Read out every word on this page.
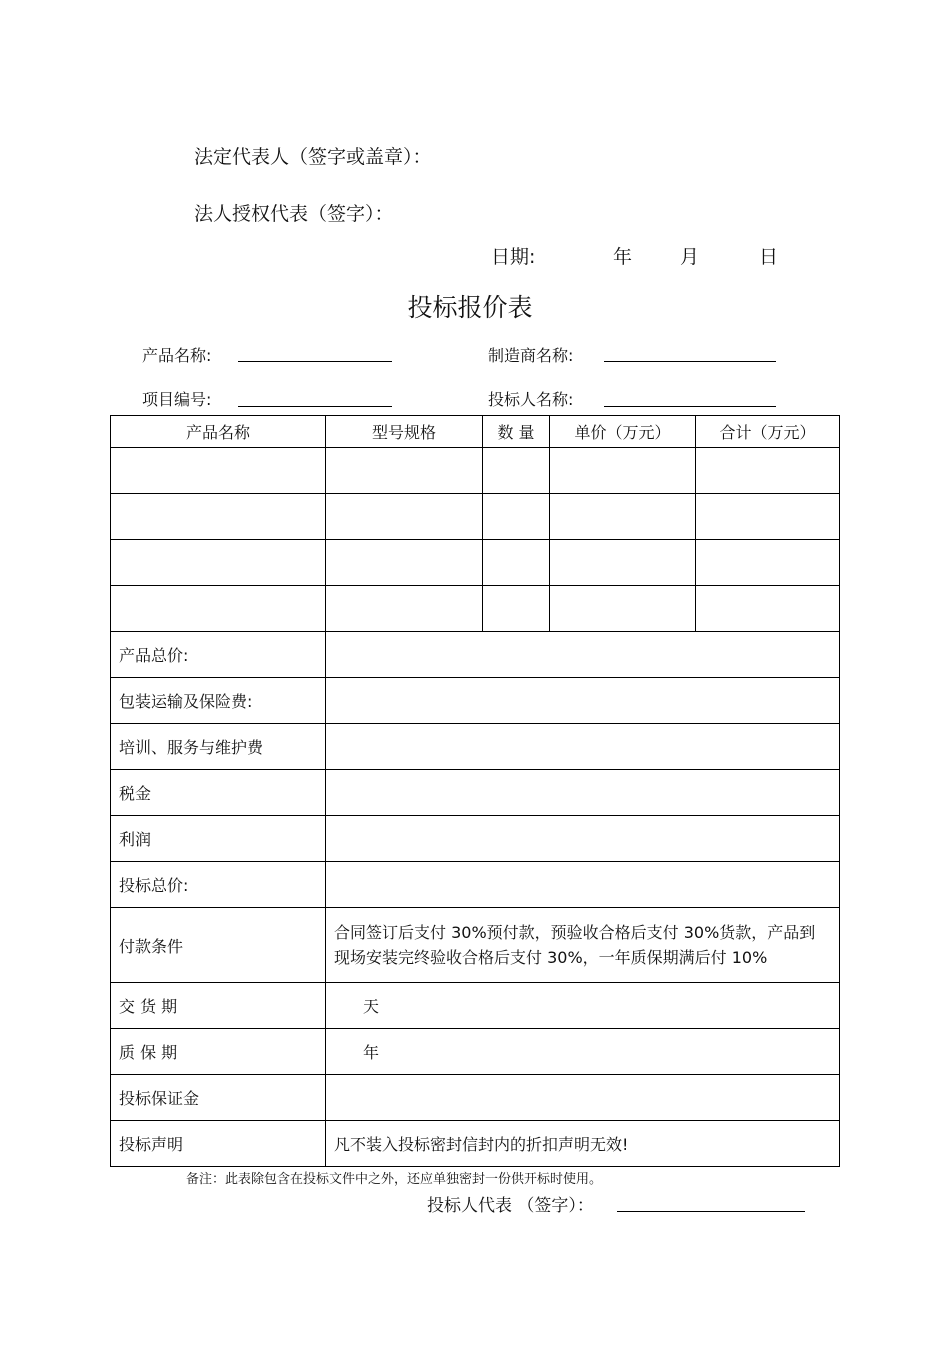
法定代表人（签字或盖章）：
法人授权代表（签字）：
日期:	年	月	日
投标报价表
产品名称:	制造商名称:
项目编号:	投标人名称:
产品名称	型号规格	数 量	单价（万元）	合计（万元）

产品总价:				
包装运输及保险费:				
培训、服务与维护费				
税金				
利润				
投标总价:				
付款条件	合同签订后支付 30%预付款，预验收合格后支付 30%货款，产品到现场安装完终验收合格后支付 30%，一年质保期满后付 10%			
交 货 期	天			
质 保 期	年			
投标保证金				
投标声明	凡不装入投标密封信封内的折扣声明无效!			
备注：此表除包含在投标文件中之外，还应单独密封一份供开标时使用。
投标人代表 （签字）：
